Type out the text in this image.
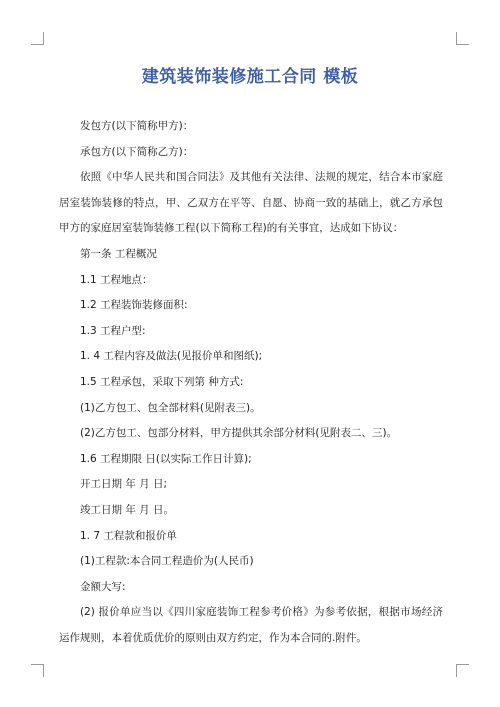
建筑装饰装修施工合同 模板

发包方(以下简称甲方)：

承包方(以下简称乙方)：

依照《中华人民共和国合同法》及其他有关法律、法规的规定，结合本市家庭居室装饰装修的特点，甲、乙双方在平等、自愿、协商一致的基础上，就乙方承包甲方的家庭居室装饰装修工程(以下简称工程)的有关事宜，达成如下协议：

第一条 工程概况

1.1 工程地点：

1.2 工程装饰装修面积:

1.3 工程户型:

1. 4 工程内容及做法(见报价单和图纸);

1.5 工程承包，采取下列第 种方式:

(1)乙方包工、包全部材料(见附表三)。

(2)乙方包工、包部分材料，甲方提供其余部分材料(见附表二、三)。

1.6 工程期限 日(以实际工作日计算);

开工日期 年 月 日;

竣工日期 年 月 日。

1. 7 工程款和报价单

(1)工程款:本合同工程造价为(人民币)

金额大写:

(2) 报价单应当以《四川家庭装饰工程参考价格》为参考依据，根据市场经济运作规则，本着优质优价的原则由双方约定，作为本合同的.附件。
